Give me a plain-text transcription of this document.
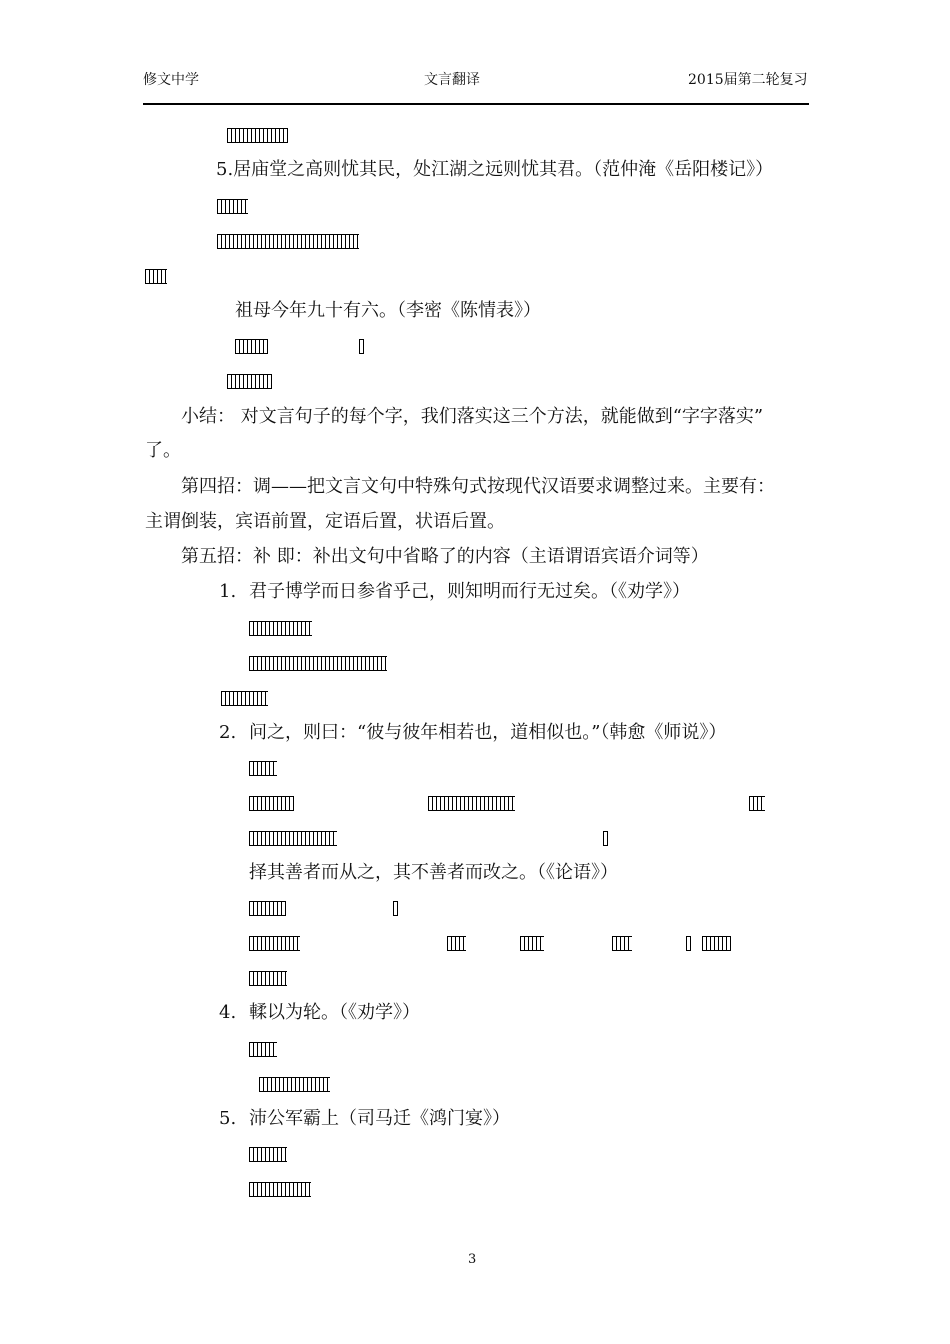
修文中学	文言翻译	2015届第二轮复习
5.居庙堂之高则忧其民，处江湖之远则忧其君。（范仲淹《岳阳楼记》）
祖母今年九十有六。（李密《陈情表》）
小结： 对文言句子的每个字，我们落实这三个方法，就能做到“字字落实”
了。
第四招：调——把文言文句中特殊句式按现代汉语要求调整过来。主要有：
主谓倒装，宾语前置，定语后置，状语后置。
第五招：补 即：补出文句中省略了的内容（主语谓语宾语介词等）
1. 君子博学而日参省乎己，则知明而行无过矣。（《劝学》）
2. 问之，则曰：“彼与彼年相若也，道相似也。”（韩愈《师说》）
择其善者而从之，其不善者而改之。（《论语》）
4. 輮以为轮。（《劝学》）
5. 沛公军霸上（司马迁《鸿门宴》）
3
